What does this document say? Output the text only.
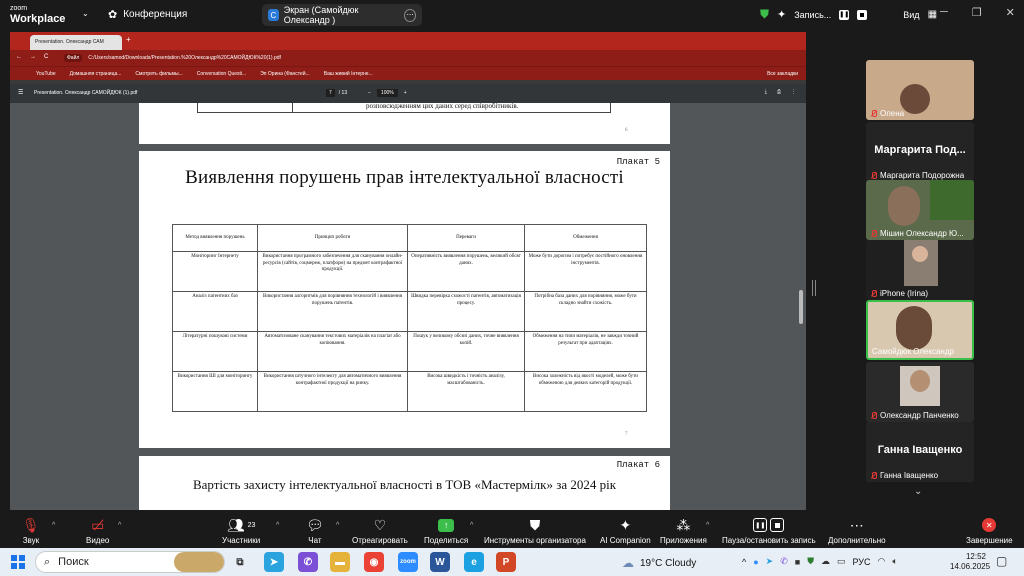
zoom
Workplace ⌄ ✿ Конференция	C Экран (Самойдюк Олександр )	⋯	⛊ ✦ Запись... ❚❚	Вид ▦ ─ ❐ ✕
Presentation. Олександр САМ	+
←→C	Файл	C:/Users/samod/Downloads/Presentation.%20Олександр%20САМОЙДЮК%20(1).pdf
YouTube	Домашняя страница...	Смотреть фильмы...	Conversation Questi...	Эп Орина (Фанстей...	Ваш живий Інтерне...	Все закладки
☰ Presentation. Олександр САМОЙДЮК (1).pdf	7	/ 13	−	100%	+	⤓ ⎙ ⋮
розповсюдженням цих даних серед співробітників.
6
Плакат 5
Виявлення порушень прав інтелектуальної власності
Метод виявлення порушень	Принцип роботи	Переваги	Обмеження
Моніторинг Інтернету	Використання програмного забезпечення для сканування онлайн-ресурсів (сайтів, соцмереж, платформ) на предмет контрафактної продукції.	Оперативність виявлення порушень, великий обсяг даних.	Може бути дорогим і потребує постійного оновлення інструментів.
Аналіз патентних баз	Використання алгоритмів для порівняння технологій і виявлення порушень патентів.	Швидка перевірка схожості патентів, автоматизація процесу.	Потрібна база даних для порівняння, може бути складно знайти схожість.
Літературні пошукові системи	Автоматизоване сканування текстових матеріалів на плагіат або копіювання.	Пошук у великому обсязі даних, точне виявлення копій.	Обмеження на типи матеріалів, не завжди точний результат при адаптаціях.
Використання ШІ для моніторингу	Використання штучного інтелекту для автоматичного виявлення контрафактної продукції на ринку.	Висока швидкість і точність аналізу, масштабованість.	Висока залежність від якості моделей, може бути обмеженою для деяких категорій продукції.
7
Плакат 6
Вартість захисту інтелектуальної власності в ТОВ «Мастермілк» за 2024 рік
Олена
Маргарита Под...
Маргарита Подорожна
Мішин Олександр Ю...
iPhone (Irina)
Самойдюк Олександр
Олександр Панченко
Ганна Іващенко
Ганна Іващенко
⌄
🎙︎
Звук
^	▭̸
Видео
^	👥︎ 23
Участники
^ 💬︎
Чат
^ ♡
Отреагировать
↑
Поделиться
^	⛊
Инструменты организатора
✦
AI Companion
⁂
Приложения
^	❚❚
Пауза/остановить запись
⋯
Дополнительно
✕
Завершение
⌕ Поиск	⧉	➤	✆	▬	◉	zoom	W	e	P	☁ 19°C Cloudy	^ ● ➤ ✆ ■ ⛊ ☁ ▭ РУС ◠ 🔈︎	12:52
14.06.2025 ▢
